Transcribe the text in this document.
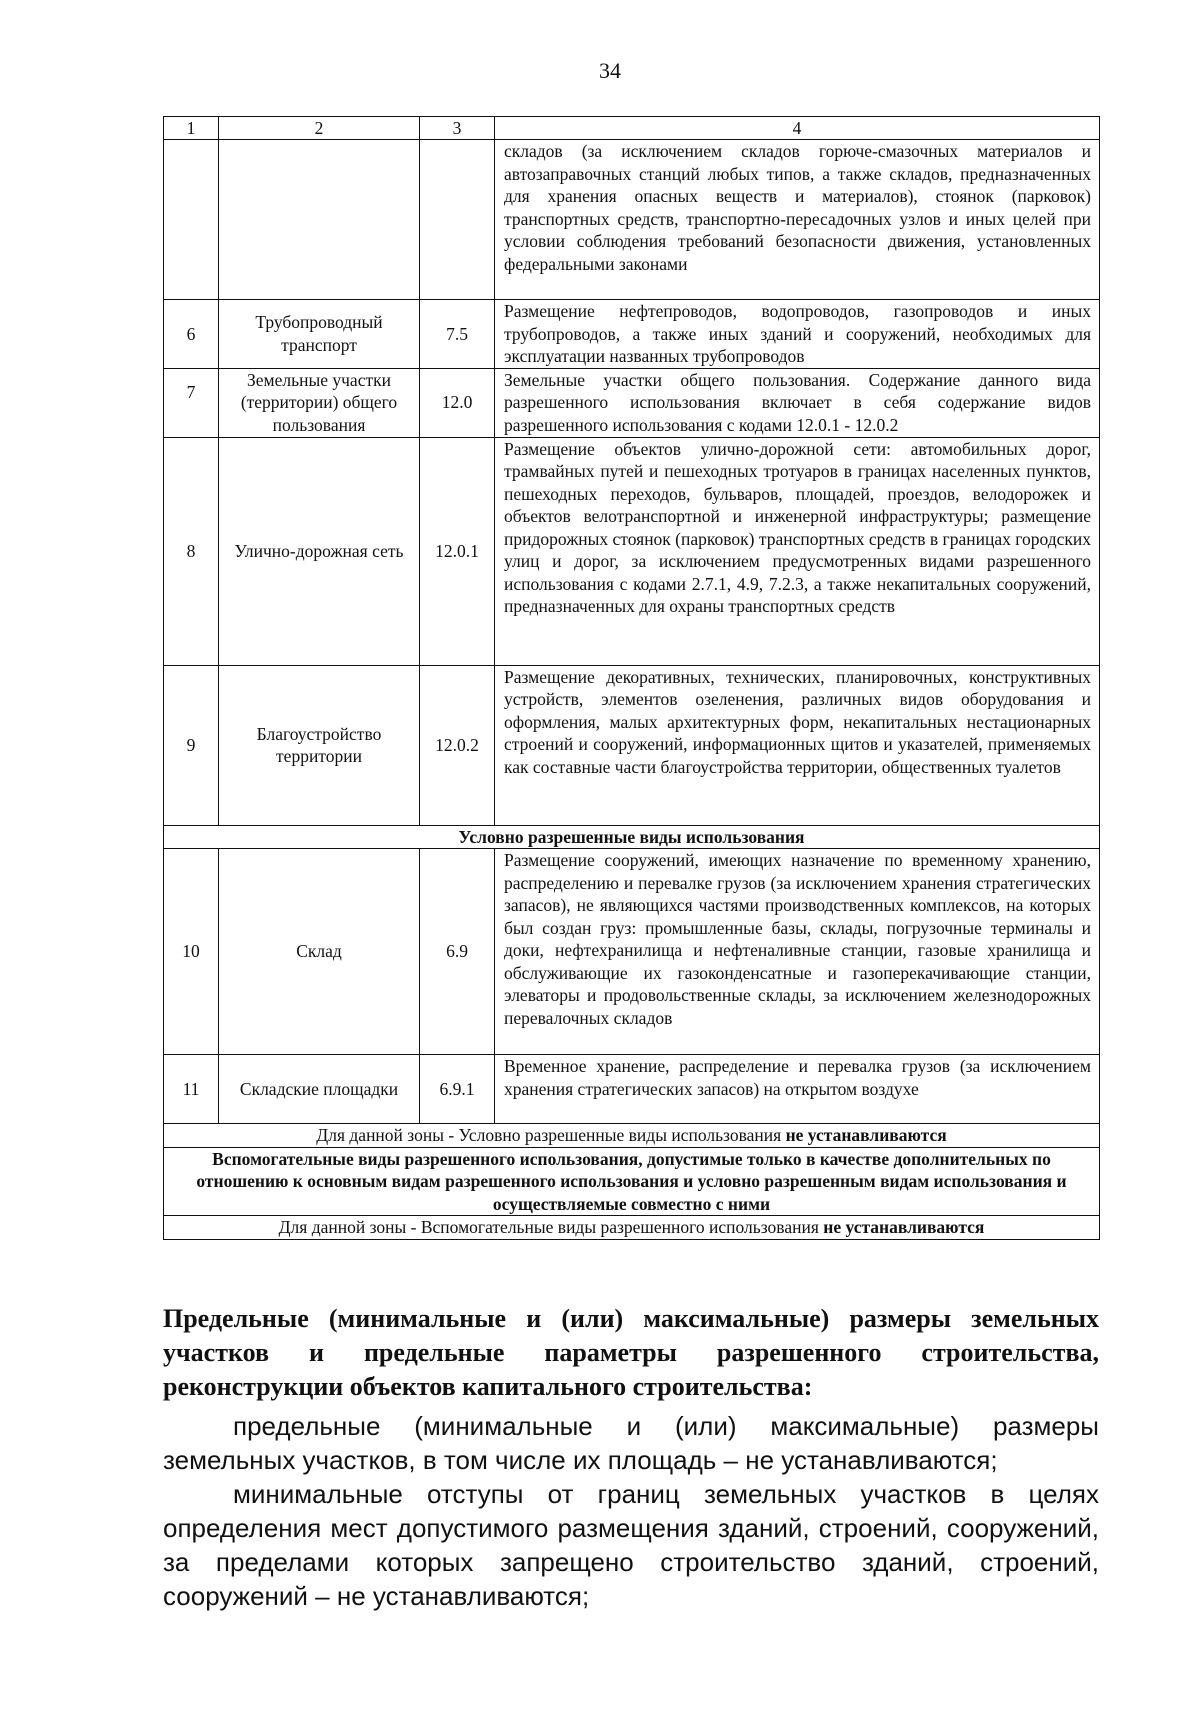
34
1	2	3	4
			складов (за исключением складов горюче-смазочных материалов и автозаправочных станций любых типов, а также складов, предназначенных для хранения опасных веществ и материалов), стоянок (парковок) транспортных средств, транспортно-пересадочных узлов и иных целей при условии соблюдения требований безопасности движения, установленных федеральными законами
6	Трубопроводный транспорт	7.5	Размещение нефтепроводов, водопроводов, газопроводов и иных трубопроводов, а также иных зданий и сооружений, необходимых для эксплуатации названных трубопроводов
7	Земельные участки (территории) общего пользования	12.0	Земельные участки общего пользования. Содержание данного вида разрешенного использования включает в себя содержание видов разрешенного использования с кодами 12.0.1 - 12.0.2
8	Улично-дорожная сеть	12.0.1	Размещение объектов улично-дорожной сети: автомобильных дорог, трамвайных путей и пешеходных тротуаров в границах населенных пунктов, пешеходных переходов, бульваров, площадей, проездов, велодорожек и объектов велотранспортной и инженерной инфраструктуры; размещение придорожных стоянок (парковок) транспортных средств в границах городских улиц и дорог, за исключением предусмотренных видами разрешенного использования с кодами 2.7.1, 4.9, 7.2.3, а также некапитальных сооружений, предназначенных для охраны транспортных средств
9	Благоустройство территории	12.0.2	Размещение декоративных, технических, планировочных, конструктивных устройств, элементов озеленения, различных видов оборудования и оформления, малых архитектурных форм, некапитальных нестационарных строений и сооружений, информационных щитов и указателей, применяемых как составные части благоустройства территории, общественных туалетов
Условно разрешенные виды использования			
10	Склад	6.9	Размещение сооружений, имеющих назначение по временному хранению, распределению и перевалке грузов (за исключением хранения стратегических запасов), не являющихся частями производственных комплексов, на которых был создан груз: промышленные базы, склады, погрузочные терминалы и доки, нефтехранилища и нефтеналивные станции, газовые хранилища и обслуживающие их газоконденсатные и газоперекачивающие станции, элеваторы и продовольственные склады, за исключением железнодорожных перевалочных складов
11	Складские площадки	6.9.1	Временное хранение, распределение и перевалка грузов (за исключением хранения стратегических запасов) на открытом воздухе
Для данной зоны - Условно разрешенные виды использования не устанавливаются			
Вспомогательные виды разрешенного использования, допустимые только в качестве дополнительных по отношению к основным видам разрешенного использования и условно разрешенным видам использования и осуществляемые совместно с ними			
Для данной зоны - Вспомогательные виды разрешенного использования не устанавливаются			

Предельные (минимальные и (или) максимальные) размеры земельных участков и предельные параметры разрешенного строительства, реконструкции объектов капитального строительства:

предельные (минимальные и (или) максимальные) размеры земельных участков, в том числе их площадь – не устанавливаются;

минимальные отступы от границ земельных участков в целях определения мест допустимого размещения зданий, строений, сооружений, за пределами которых запрещено строительство зданий, строений, сооружений – не устанавливаются;
